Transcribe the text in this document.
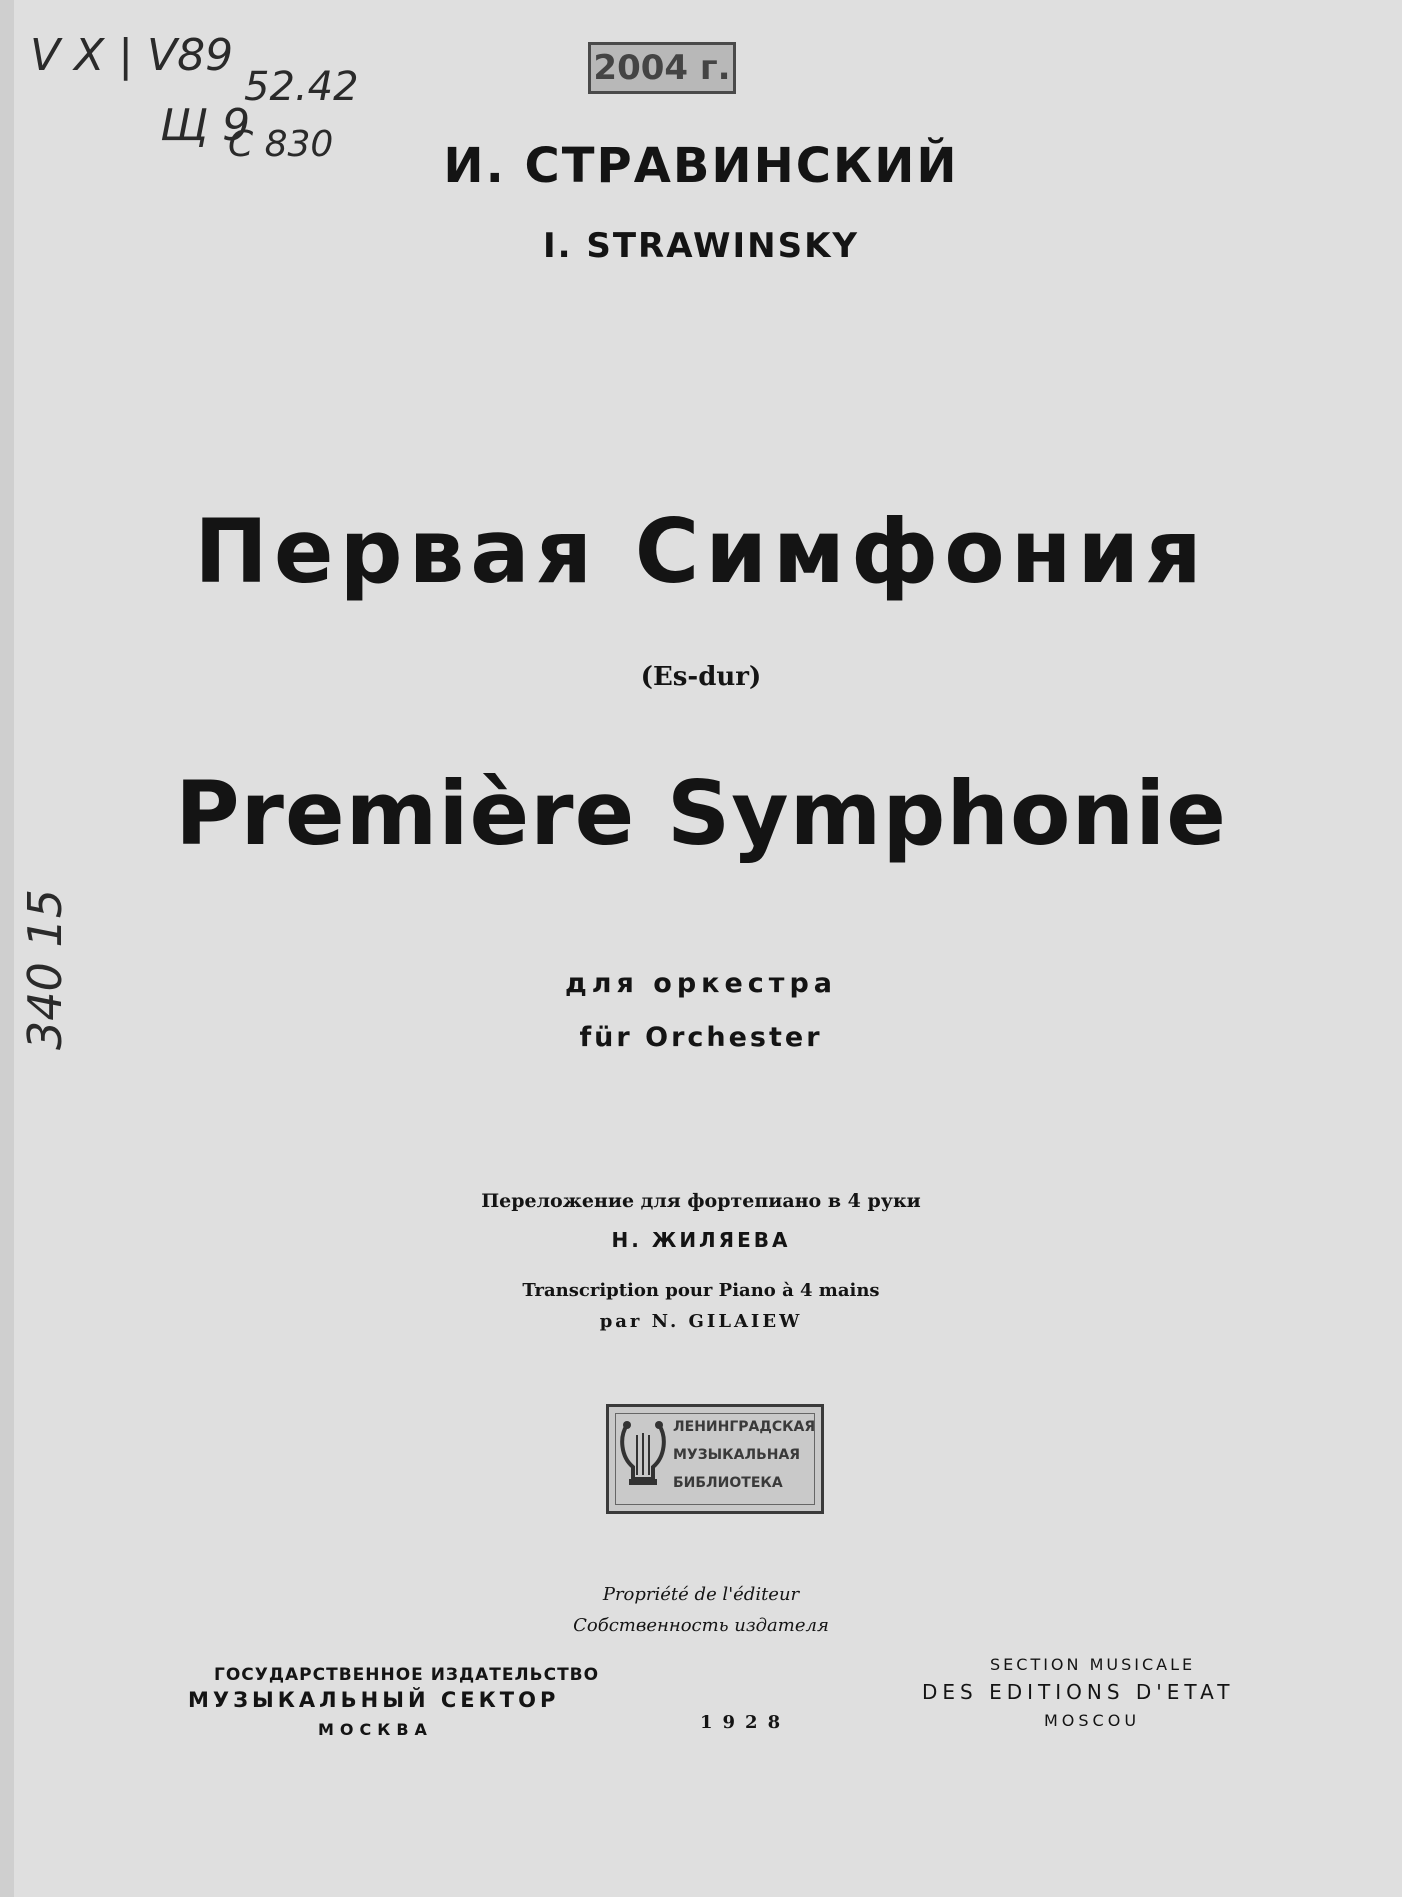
V X | V89
Щ 9
52.42
C 830
340 15
2004 г.
И. СТРАВИНСКИЙ
I. STRAWINSKY
Первая Симфония
(Es-dur)
Première Symphonie
для оркестра
für Orchester
Переложение для фортепиано в 4 руки
Н. ЖИЛЯЕВА
Transcription pour Piano à 4 mains
par N. GILAIEW
ЛЕНИНГРАДСКАЯ
МУЗЫКАЛЬНАЯ
БИБЛИОТЕКА
Propriété de l'éditeur
Собственность издателя
ГОСУДАРСТВЕННОЕ ИЗДАТЕЛЬСТВО
МУЗЫКАЛЬНЫЙ СЕКТОР
МОСКВА	1928
SECTION MUSICALE
DES EDITIONS D'ETAT
MOSCOU
